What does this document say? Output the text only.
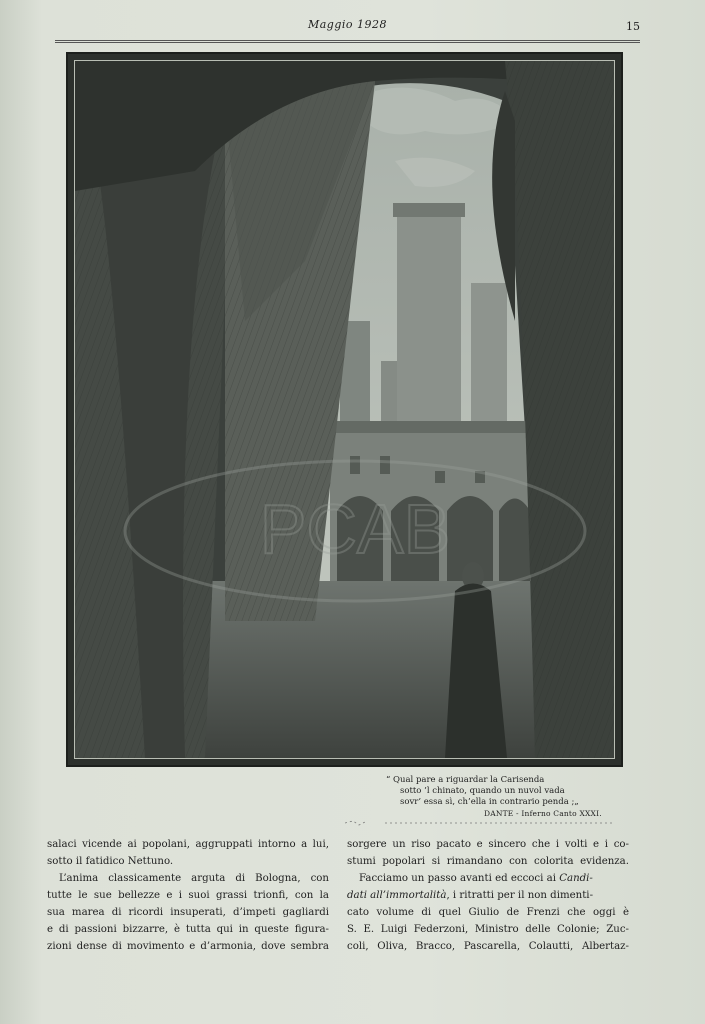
Maggio 1928	15
PCAB
“ Qual pare a riguardar la Carisenda
sotto ’l chinato, quando un nuvol vada
sovr’ essa sì, ch’ella in contrario penda ;„
DANTE - Inferno Canto XXXI.
salaci vicende ai popolani, aggruppati intorno a lui,
sotto il fatidico Nettuno.
L’anima classicamente arguta di Bologna, con
tutte le sue bellezze e i suoi grassi trionfi, con la
sua marea di ricordi insuperati, d’impeti gagliardi
e di passioni bizzarre, è tutta qui in queste figura-
zioni dense di movimento e d’armonia, dove sembra
sorgere un riso pacato e sincero che i volti e i co-
stumi popolari si rimandano con colorita evidenza.
Facciamo un passo avanti ed eccoci ai Candi-
dati all’immortalità, i ritratti per il non dimenti-
cato volume di quel Giulio de Frenzi che oggi è
S. E. Luigi Federzoni, Ministro delle Colonie; Zuc-
coli, Oliva, Bracco, Pascarella, Colautti, Albertaz-
